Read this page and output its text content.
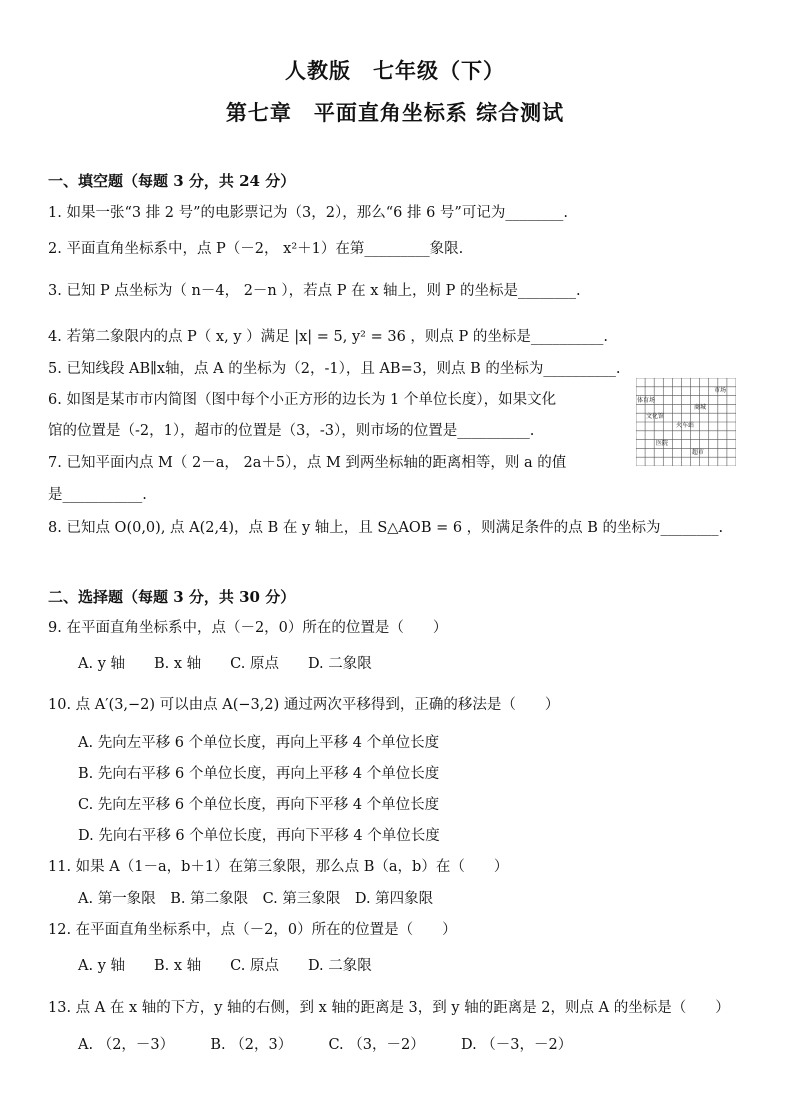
人教版　七年级（下）
第七章　平面直角坐标系 综合测试
一、填空题（每题 3 分，共 24 分）
1. 如果一张“3 排 2 号”的电影票记为（3，2），那么“6 排 6 号”可记为________.
2. 平面直角坐标系中，点 P（－2， x²＋1）在第_________象限.
3. 已知 P 点坐标为（ n－4， 2－n ），若点 P 在 x 轴上，则 P 的坐标是________.
4. 若第二象限内的点 P（ x, y ）满足 |x| = 5, y² = 36 ，则点 P 的坐标是__________.
5. 已知线段 AB∥x轴，点 A 的坐标为（2，-1），且 AB=3，则点 B 的坐标为__________.
6. 如图是某市市内简图（图中每个小正方形的边长为 1 个单位长度），如果文化
馆的位置是（-2，1），超市的位置是（3，-3），则市场的位置是__________.
7. 已知平面内点 M（ 2－a， 2a＋5），点 M 到两坐标轴的距离相等，则 a 的值
是___________.
8. 已知点 O(0,0), 点 A(2,4)，点 B 在 y 轴上，且 S△AOB = 6 ，则满足条件的点 B 的坐标为________.
市场
体育场
商城
文化馆
火车站
医院
超市
二、选择题（每题 3 分，共 30 分）
9. 在平面直角坐标系中，点（－2，0）所在的位置是（　　）
A. y 轴　　B. x 轴　　C. 原点　　D. 二象限
10. 点 A′(3,−2) 可以由点 A(−3,2) 通过两次平移得到，正确的移法是（　　）
A. 先向左平移 6 个单位长度，再向上平移 4 个单位长度
B. 先向右平移 6 个单位长度，再向上平移 4 个单位长度
C. 先向左平移 6 个单位长度，再向下平移 4 个单位长度
D. 先向右平移 6 个单位长度，再向下平移 4 个单位长度
11. 如果 A（1－a，b＋1）在第三象限，那么点 B（a，b）在（　　）
A. 第一象限　B. 第二象限　C. 第三象限　D. 第四象限
12. 在平面直角坐标系中，点（－2，0）所在的位置是（　　）
A. y 轴　　B. x 轴　　C. 原点　　D. 二象限
13. 点 A 在 x 轴的下方，y 轴的右侧，到 x 轴的距离是 3，到 y 轴的距离是 2，则点 A 的坐标是（　　）
A. （2，－3）　　　B. （2，3）　　　C. （3，－2）　　　D. （－3，－2）
